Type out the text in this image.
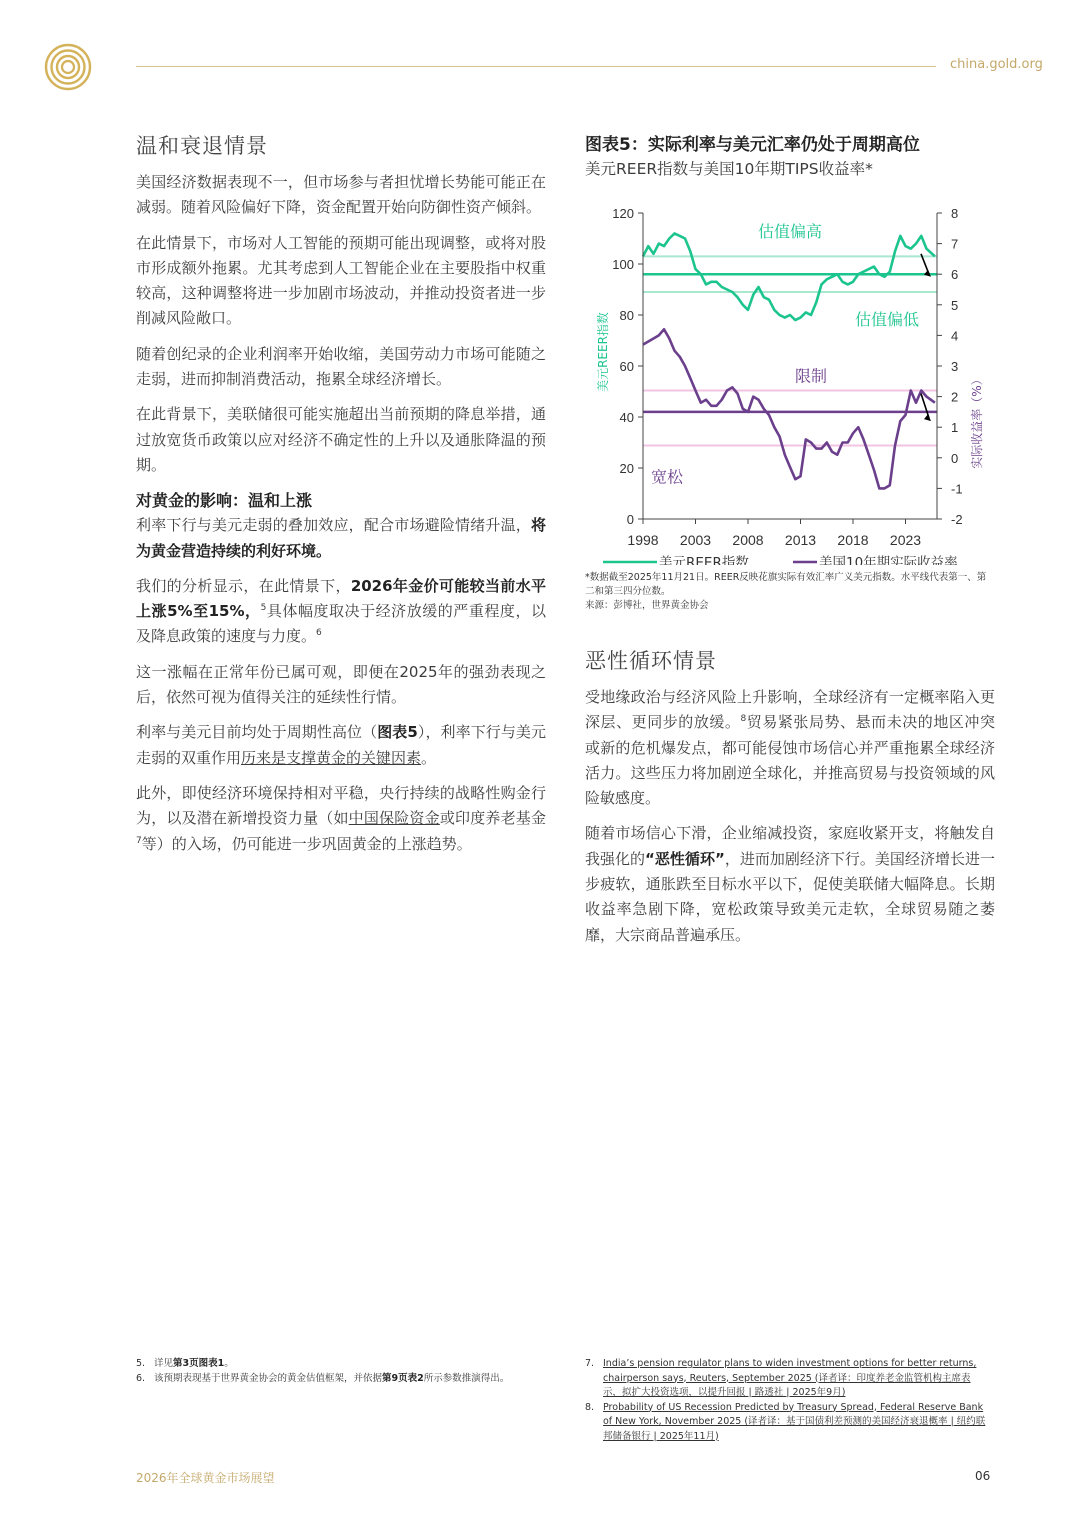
china.gold.org
温和衰退情景

美国经济数据表现不一，但市场参与者担忧增长势能可能正在减弱。随着风险偏好下降，资金配置开始向防御性资产倾斜。

在此情景下，市场对人工智能的预期可能出现调整，或将对股市形成额外拖累。尤其考虑到人工智能企业在主要股指中权重较高，这种调整将进一步加剧市场波动，并推动投资者进一步削减风险敞口。

随着创纪录的企业利润率开始收缩，美国劳动力市场可能随之走弱，进而抑制消费活动，拖累全球经济增长。

在此背景下，美联储很可能实施超出当前预期的降息举措，通过放宽货币政策以应对经济不确定性的上升以及通胀降温的预期。

对黄金的影响：温和上涨

利率下行与美元走弱的叠加效应，配合市场避险情绪升温，将为黄金营造持续的利好环境。

我们的分析显示，在此情景下，2026年金价可能较当前水平上涨5%至15%，$^5$具体幅度取决于经济放缓的严重程度，以及降息政策的速度与力度。$^6$

这一涨幅在正常年份已属可观，即便在2025年的强劲表现之后，依然可视为值得关注的延续性行情。

利率与美元目前均处于周期性高位（图表5），利率下行与美元走弱的双重作用历来是支撑黄金的关键因素。

此外，即使经济环境保持相对平稳，央行持续的战略性购金行为，以及潜在新增投资力量（如中国保险资金或印度养老基金$^7$等）的入场，仍可能进一步巩固黄金的上涨趋势。

图表5：实际利率与美元汇率仍处于周期高位
美元REER指数与美国10年期TIPS收益率*
0
20
40
60
80
100
120
-2
-1
0
1
2
3
4
5
6
7
8
1998 2003 2008 2013 2018 2023
美元REER指数
实际收益率（%）
估值偏高
估值偏低
限制
宽松
美元REER指数	美国10年期实际收益率
*数据截至2025年11月21日。REER反映花旗实际有效汇率广义美元指数。水平线代表第一、第二和第三四分位数。
来源：彭博社，世界黄金协会
恶性循环情景

受地缘政治与经济风险上升影响，全球经济有一定概率陷入更深层、更同步的放缓。$^8$贸易紧张局势、悬而未决的地区冲突或新的危机爆发点，都可能侵蚀市场信心并严重拖累全球经济活力。这些压力将加剧逆全球化，并推高贸易与投资领域的风险敏感度。

随着市场信心下滑，企业缩减投资，家庭收紧开支，将触发自我强化的“恶性循环”，进而加剧经济下行。美国经济增长进一步疲软，通胀跌至目标水平以下，促使美联储大幅降息。长期收益率急剧下降，宽松政策导致美元走软，全球贸易随之萎靡，大宗商品普遍承压。

5. 详见第3页图表1。
6. 该预期表现基于世界黄金协会的黄金估值框架，并依据第9页表2所示参数推演得出。
7. India’s pension regulator plans to widen investment options for better returns, chairperson says, Reuters, September 2025 (译者译：印度养老金监管机构主席表示，拟扩大投资选项，以提升回报 | 路透社 | 2025年9月)
8. Probability of US Recession Predicted by Treasury Spread, Federal Reserve Bank of New York, November 2025 (译者译：基于国债利差预测的美国经济衰退概率 | 纽约联邦储备银行 | 2025年11月)
2026年全球黄金市场展望	06
